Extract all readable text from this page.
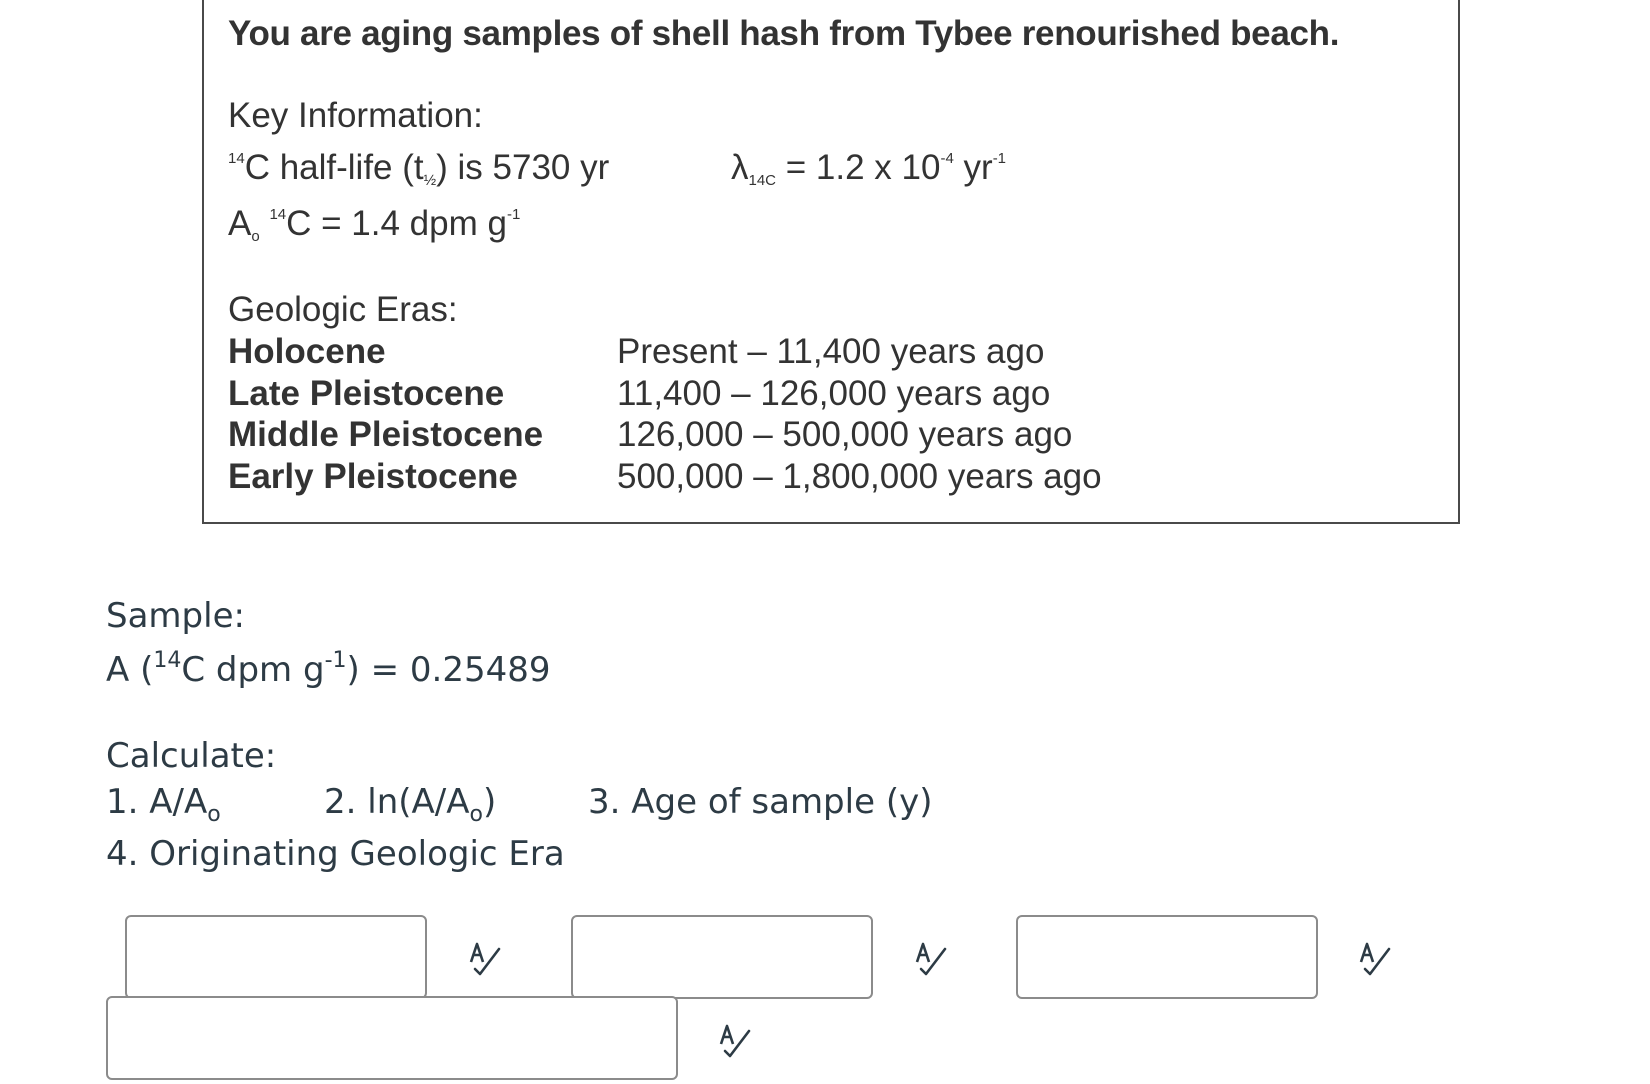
You are aging samples of shell hash from Tybee renourished beach.
Key Information:
$^{14}$C half-life (t½) is 5730 yr	λ14C = 1.2 x $10^{-4}$ $yr^{-1}$
Ao $^{14}$C = 1.4 dpm $g^{-1}$
Geologic Eras:
Holocene	Present – 11,400 years ago
Late Pleistocene	11,400 – 126,000 years ago
Middle Pleistocene 126,000 – 500,000 years ago
Early Pleistocene	500,000 – 1,800,000 years ago
Sample:
A ($^{14}$C dpm $g^{-1}) = 0.25489$
Calculate:
1. $A/A_o$	2. $\ln(A/A_o)$	3. Age of sample (y)
4. Originating Geologic Era
